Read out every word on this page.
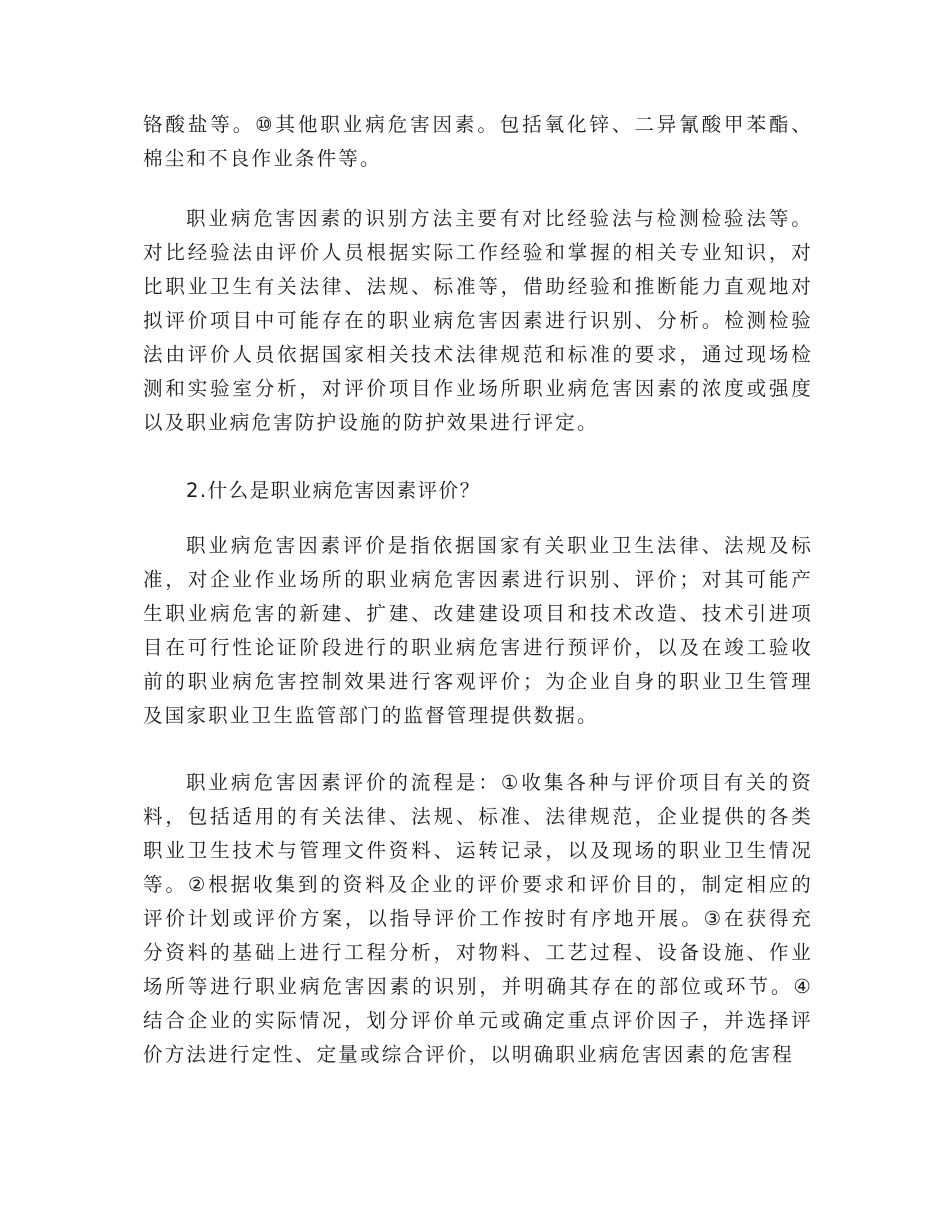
铬酸盐等。⑩其他职业病危害因素。包括氧化锌、二异氰酸甲苯酯、棉尘和不良作业条件等。

职业病危害因素的识别方法主要有对比经验法与检测检验法等。对比经验法由评价人员根据实际工作经验和掌握的相关专业知识，对比职业卫生有关法律、法规、标准等，借助经验和推断能力直观地对拟评价项目中可能存在的职业病危害因素进行识别、分析。检测检验法由评价人员依据国家相关技术法律规范和标准的要求，通过现场检测和实验室分析，对评价项目作业场所职业病危害因素的浓度或强度以及职业病危害防护设施的防护效果进行评定。

2.什么是职业病危害因素评价？

职业病危害因素评价是指依据国家有关职业卫生法律、法规及标准，对企业作业场所的职业病危害因素进行识别、评价；对其可能产生职业病危害的新建、扩建、改建建设项目和技术改造、技术引进项目在可行性论证阶段进行的职业病危害进行预评价，以及在竣工验收前的职业病危害控制效果进行客观评价；为企业自身的职业卫生管理及国家职业卫生监管部门的监督管理提供数据。

职业病危害因素评价的流程是：①收集各种与评价项目有关的资料，包括适用的有关法律、法规、标准、法律规范，企业提供的各类职业卫生技术与管理文件资料、运转记录，以及现场的职业卫生情况等。②根据收集到的资料及企业的评价要求和评价目的，制定相应的评价计划或评价方案，以指导评价工作按时有序地开展。③在获得充分资料的基础上进行工程分析，对物料、工艺过程、设备设施、作业场所等进行职业病危害因素的识别，并明确其存在的部位或环节。④结合企业的实际情况，划分评价单元或确定重点评价因子，并选择评价方法进行定性、定量或综合评价，以明确职业病危害因素的危害程
